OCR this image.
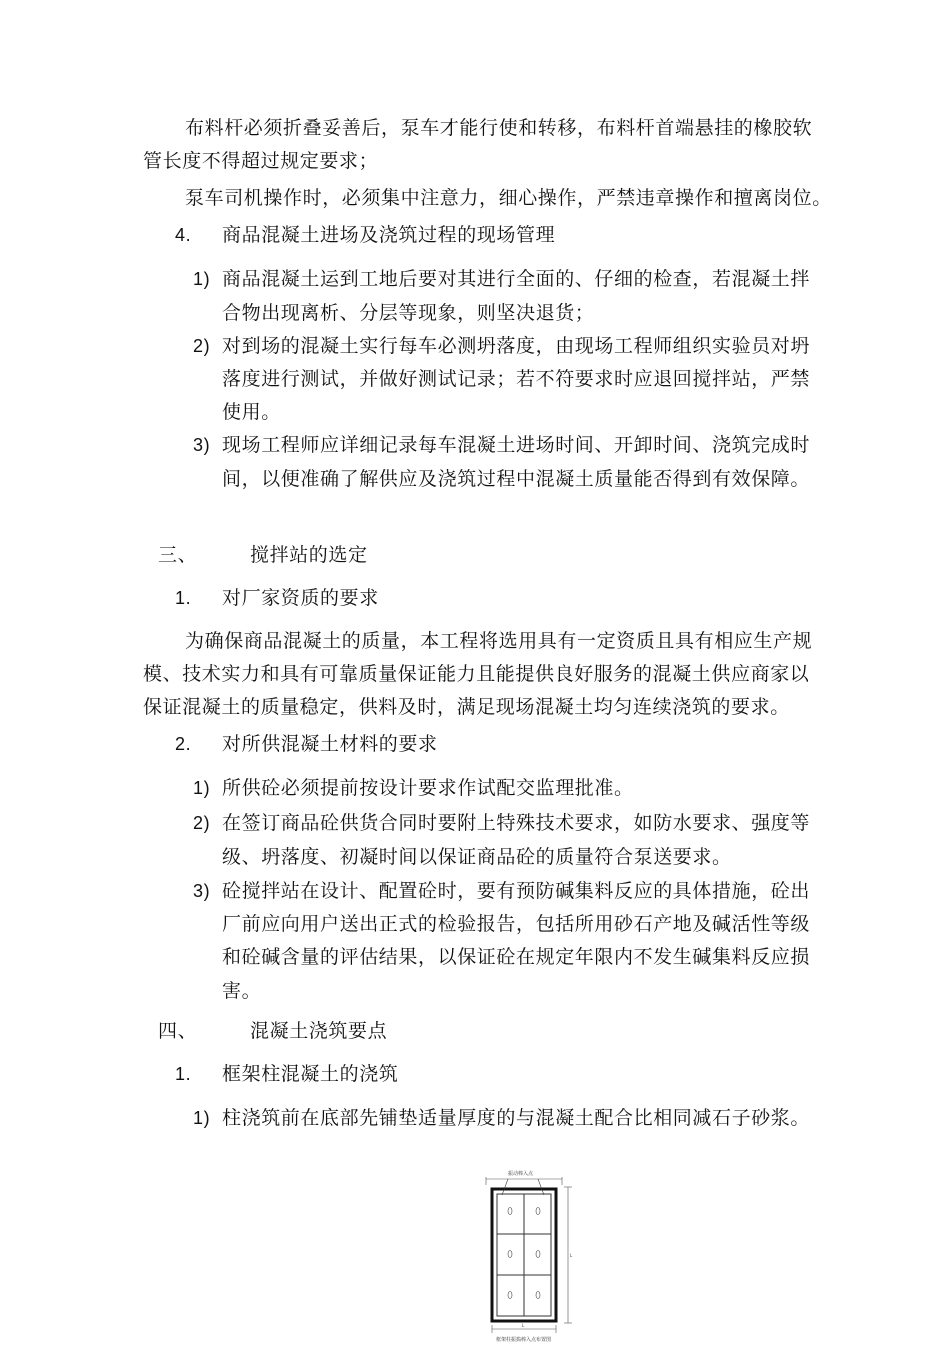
布料杆必须折叠妥善后，泵车才能行使和转移，布料杆首端悬挂的橡胶软
管长度不得超过规定要求；
泵车司机操作时，必须集中注意力，细心操作，严禁违章操作和擅离岗位。
4. 商品混凝土进场及浇筑过程的现场管理
1) 商品混凝土运到工地后要对其进行全面的、仔细的检查，若混凝土拌
合物出现离析、分层等现象，则坚决退货；
2) 对到场的混凝土实行每车必测坍落度，由现场工程师组织实验员对坍
落度进行测试，并做好测试记录；若不符要求时应退回搅拌站，严禁
使用。
3) 现场工程师应详细记录每车混凝土进场时间、开卸时间、浇筑完成时
间，以便准确了解供应及浇筑过程中混凝土质量能否得到有效保障。
三、	搅拌站的选定
1. 对厂家资质的要求
为确保商品混凝土的质量，本工程将选用具有一定资质且具有相应生产规
模、技术实力和具有可靠质量保证能力且能提供良好服务的混凝土供应商家以
保证混凝土的质量稳定，供料及时，满足现场混凝土均匀连续浇筑的要求。
2. 对所供混凝土材料的要求
1) 所供砼必须提前按设计要求作试配交监理批准。
2) 在签订商品砼供货合同时要附上特殊技术要求，如防水要求、强度等
级、坍落度、初凝时间以保证商品砼的质量符合泵送要求。
3) 砼搅拌站在设计、配置砼时，要有预防碱集料反应的具体措施，砼出
厂前应向用户送出正式的检验报告，包括所用砂石产地及碱活性等级
和砼碱含量的评估结果，以保证砼在规定年限内不发生碱集料反应损
害。
四、	混凝土浇筑要点
1. 框架柱混凝土的浇筑
1) 柱浇筑前在底部先铺垫适量厚度的与混凝土配合比相同减石子砂浆。
振动棒入点
L
L
框架柱振捣棒入点布置图
